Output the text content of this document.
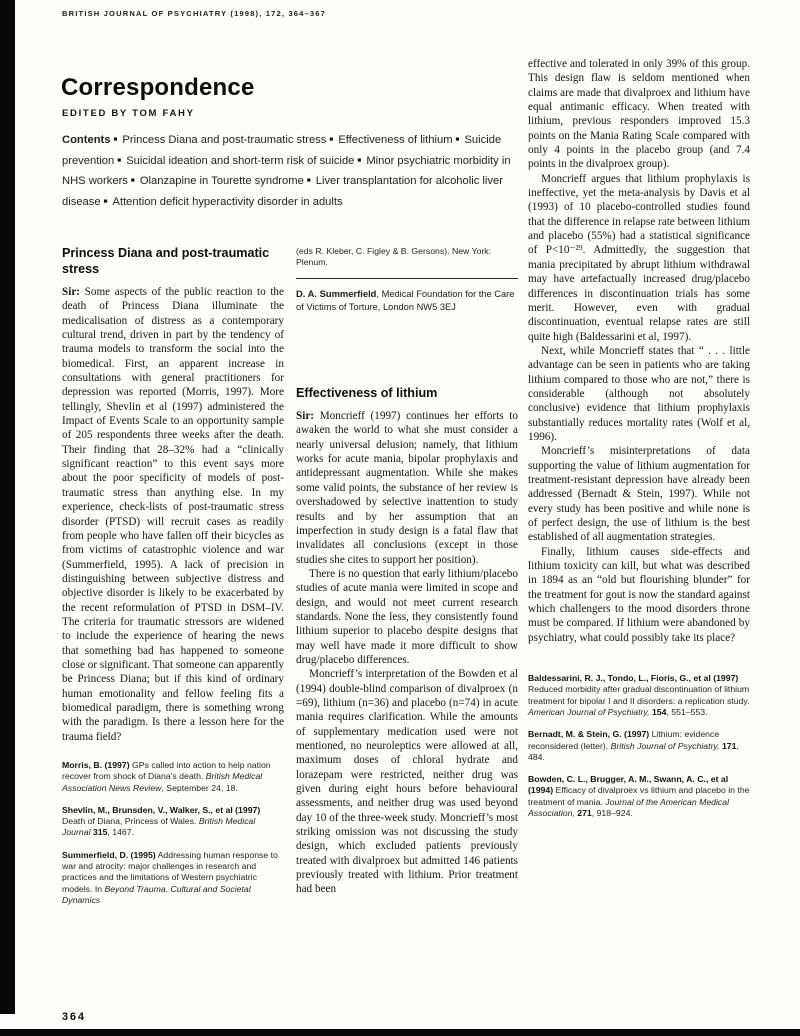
BRITISH JOURNAL OF PSYCHIATRY (1998), 172, 364–367
Correspondence
EDITED BY TOM FAHY
Contents ■ Princess Diana and post-traumatic stress ■ Effectiveness of lithium ■ Suicide prevention ■ Suicidal ideation and short-term risk of suicide ■ Minor psychiatric morbidity in NHS workers ■ Olanzapine in Tourette syndrome ■ Liver transplantation for alcoholic liver disease ■ Attention deficit hyperactivity disorder in adults
Princess Diana and post-traumatic stress

Sir: Some aspects of the public reaction to the death of Princess Diana illuminate the medicalisation of distress as a contemporary cultural trend, driven in part by the tendency of trauma models to transform the social into the biomedical. First, an apparent increase in consultations with general practitioners for depression was reported (Morris, 1997). More tellingly, Shevlin et al (1997) administered the Impact of Events Scale to an opportunity sample of 205 respondents three weeks after the death. Their finding that 28–32% had a “clinically significant reaction” to this event says more about the poor specificity of models of post-traumatic stress than anything else. In my experience, check-lists of post-traumatic stress disorder (PTSD) will recruit cases as readily from people who have fallen off their bicycles as from victims of catastrophic violence and war (Summerfield, 1995). A lack of precision in distinguishing between subjective distress and objective disorder is likely to be exacerbated by the recent reformulation of PTSD in DSM–IV. The criteria for traumatic stressors are widened to include the experience of hearing the news that something bad has happened to someone close or significant. That someone can apparently be Princess Diana; but if this kind of ordinary human emotionality and fellow feeling fits a biomedical paradigm, there is something wrong with the paradigm. Is there a lesson here for the trauma field?

Morris, B. (1997) GPs called into action to help nation recover from shock of Diana’s death. British Medical Association News Review, September 24, 18.

Shevlin, M., Brunsden, V., Walker, S., et al (1997) Death of Diana, Princess of Wales. British Medical Journal 315, 1467.

Summerfield, D. (1995) Addressing human response to war and atrocity: major challenges in research and practices and the limitations of Western psychiatric models. In Beyond Trauma. Cultural and Societal Dynamics

(eds R. Kleber, C. Figley & B. Gersons). New York: Plenum.

D. A. Summerfield, Medical Foundation for the Care of Victims of Torture, London NW5 3EJ

Effectiveness of lithium

Sir: Moncrieff (1997) continues her efforts to awaken the world to what she must consider a nearly universal delusion; namely, that lithium works for acute mania, bipolar prophylaxis and antidepressant augmentation. While she makes some valid points, the substance of her review is overshadowed by selective inattention to study results and by her assumption that an imperfection in study design is a fatal flaw that invalidates all conclusions (except in those studies she cites to support her position).

There is no question that early lithium/placebo studies of acute mania were limited in scope and design, and would not meet current research standards. None the less, they consistently found lithium superior to placebo despite designs that may well have made it more difficult to show drug/placebo differences.

Moncrieff’s interpretation of the Bowden et al (1994) double-blind comparison of divalproex (n =69), lithium (n=36) and placebo (n=74) in acute mania requires clarification. While the amounts of supplementary medication used were not mentioned, no neuroleptics were allowed at all, maximum doses of chloral hydrate and lorazepam were restricted, neither drug was given during eight hours before behavioural assessments, and neither drug was used beyond day 10 of the three-week study. Moncrieff’s most striking omission was not discussing the study design, which excluded patients previously treated with divalproex but admitted 146 patients previously treated with lithium. Prior treatment had been

effective and tolerated in only 39% of this group. This design flaw is seldom mentioned when claims are made that divalproex and lithium have equal antimanic efficacy. When treated with lithium, previous responders improved 15.3 points on the Mania Rating Scale compared with only 4 points in the placebo group (and 7.4 points in the divalproex group).

Moncrieff argues that lithium prophylaxis is ineffective, yet the meta-analysis by Davis et al (1993) of 10 placebo-controlled studies found that the difference in relapse rate between lithium and placebo (55%) had a statistical significance of P<10⁻²⁹. Admittedly, the suggestion that mania precipitated by abrupt lithium withdrawal may have artefactually increased drug/placebo differences in discontinuation trials has some merit. However, even with gradual discontinuation, eventual relapse rates are still quite high (Baldessarini et al, 1997).

Next, while Moncrieff states that “ . . . little advantage can be seen in patients who are taking lithium compared to those who are not,” there is considerable (although not absolutely conclusive) evidence that lithium prophylaxis substantially reduces mortality rates (Wolf et al, 1996).

Moncrieff’s misinterpretations of data supporting the value of lithium augmentation for treatment-resistant depression have already been addressed (Bernadt & Stein, 1997). While not every study has been positive and while none is of perfect design, the use of lithium is the best established of all augmentation strategies.

Finally, lithium causes side-effects and lithium toxicity can kill, but what was described in 1894 as an “old but flourishing blunder” for the treatment for gout is now the standard against which challengers to the mood disorders throne must be compared. If lithium were abandoned by psychiatry, what could possibly take its place?

Baldessarini, R. J., Tondo, L., Fioris, G., et al (1997) Reduced morbidity after gradual discontinuation of lithium treatment for bipolar I and II disorders: a replication study. American Journal of Psychiatry, 154, 551–553.

Bernadt, M. & Stein, G. (1997) Lithium: evidence reconsidered (letter). British Journal of Psychiatry, 171, 484.

Bowden, C. L., Brugger, A. M., Swann, A. C., et al (1994) Efficacy of divalproex vs lithium and placebo in the treatment of mania. Journal of the American Medical Association, 271, 918–924.

364
